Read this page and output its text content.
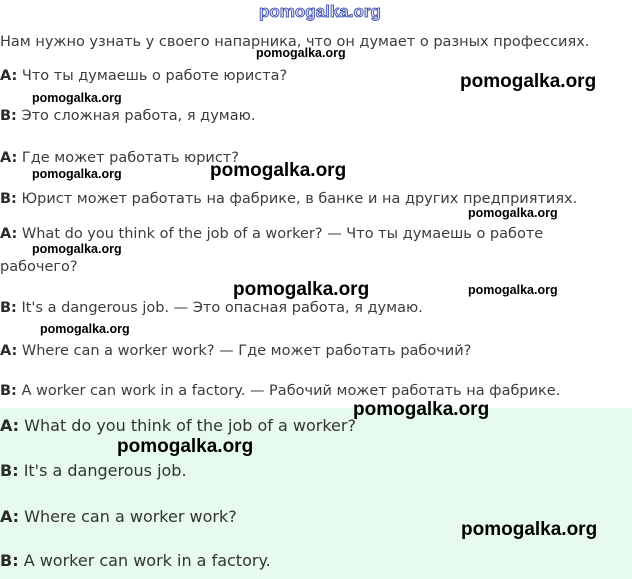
pomogalka.org
Нам нужно узнать у своего напарника, что он думает о разных профессиях.
A: Что ты думаешь о работе юриста?
B: Это сложная работа, я думаю.
A: Где может работать юрист?
B: Юрист может работать на фабрике, в банке и на других предприятиях.
A: What do you think of the job of a worker? — Что ты думаешь о работе
рабочего?
B: It's a dangerous job. — Это опасная работа, я думаю.
A: Where can a worker work? — Где может работать рабочий?
B: A worker can work in a factory. — Рабочий может работать на фабрике.
A: What do you think of the job of a worker?
B: It's a dangerous job.
A: Where can a worker work?
B: A worker can work in a factory.
pomogalka.org
pomogalka.org
pomogalka.org
pomogalka.org
pomogalka.org
pomogalka.org
pomogalka.org
pomogalka.org
pomogalka.org
pomogalka.org
pomogalka.org
pomogalka.org
pomogalka.org
